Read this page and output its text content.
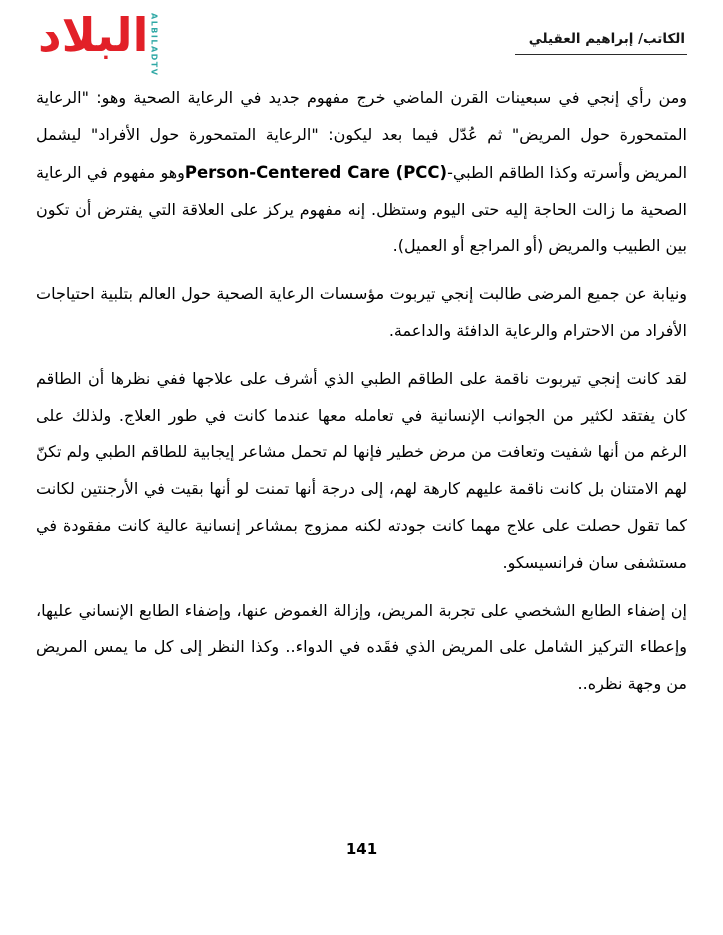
البلاد ALBILADTV	الكاتب/ إبراهيم العقيلي

ومن رأي إنجي في سبعينات القرن الماضي خرج مفهوم جديد في الرعاية الصحية وهو: "الرعاية المتمحورة حول المريض" ثم عُدّل فيما بعد ليكون: "الرعاية المتمحورة حول الأفراد" ليشمل المريض وأسرته وكذا الطاقم الطبي-Person-Centered Care (PCC)وهو مفهوم في الرعاية الصحية ما زالت الحاجة إليه حتى اليوم وستظل. إنه مفهوم يركز على العلاقة التي يفترض أن تكون بين الطبيب والمريض (أو المراجع أو العميل).

ونيابة عن جميع المرضى طالبت إنجي تيربوت مؤسسات الرعاية الصحية حول العالم بتلبية احتياجات الأفراد من الاحترام والرعاية الدافئة والداعمة.

لقد كانت إنجي تيربوت ناقمة على الطاقم الطبي الذي أشرف على علاجها ففي نظرها أن الطاقم كان يفتقد لكثير من الجوانب الإنسانية في تعامله معها عندما كانت في طور العلاج. ولذلك على الرغم من أنها شفيت وتعافت من مرض خطير فإنها لم تحمل مشاعر إيجابية للطاقم الطبي ولم تكنّ لهم الامتنان بل كانت ناقمة عليهم كارهة لهم، إلى درجة أنها تمنت لو أنها بقيت في الأرجنتين لكانت كما تقول حصلت على علاج مهما كانت جودته لكنه ممزوج بمشاعر إنسانية عالية كانت مفقودة في مستشفى سان فرانسيسكو.

إن إضفاء الطابع الشخصي على تجربة المريض، وإزالة الغموض عنها، وإضفاء الطابع الإنساني عليها، وإعطاء التركيز الشامل على المريض الذي فقَده في الدواء.. وكذا النظر إلى كل ما يمس المريض من وجهة نظره..

141
